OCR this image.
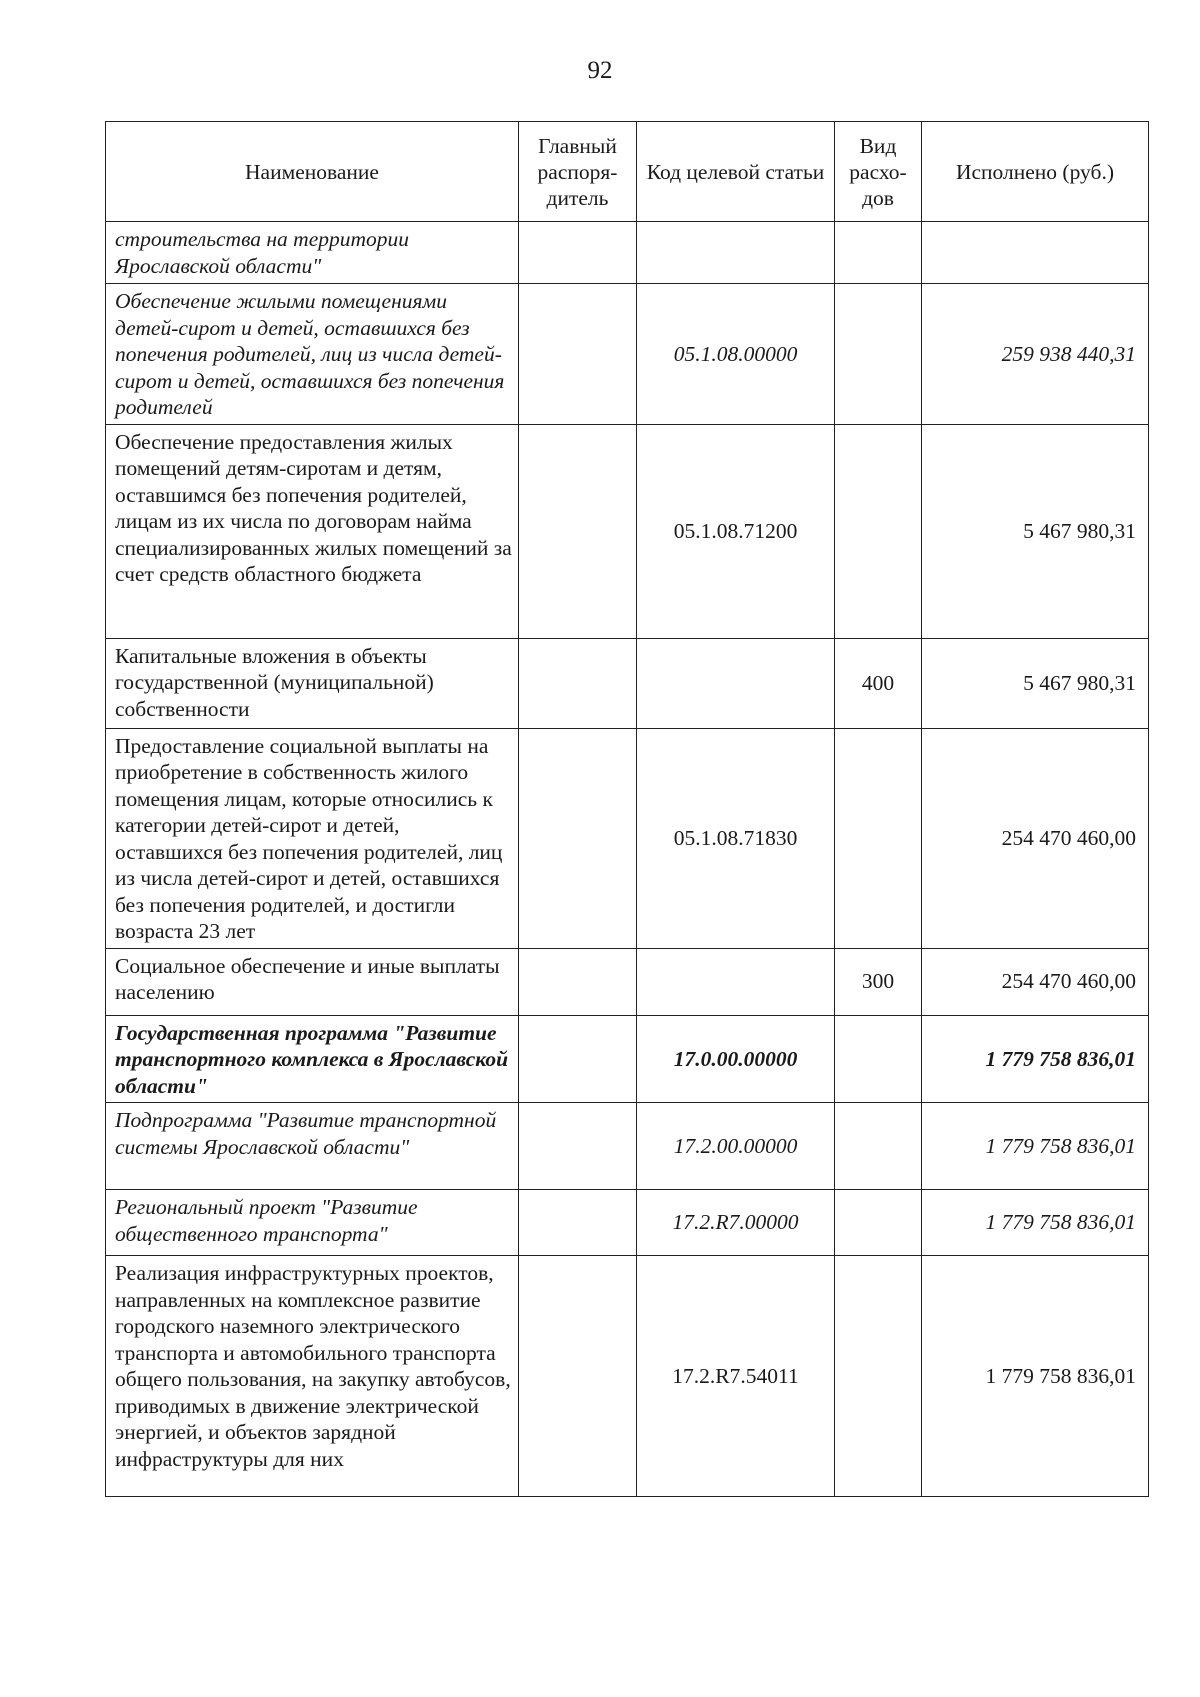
92
Наименование	Главный распоря-дитель	Код целевой статьи	Вид расхо-дов	Исполнено (руб.)
строительства на территории Ярославской области"				
Обеспечение жилыми помещениями детей-сирот и детей, оставшихся без попечения родителей, лиц из числа детей-сирот и детей, оставшихся без попечения родителей		05.1.08.00000		259 938 440,31
Обеспечение предоставления жилых помещений детям-сиротам и детям, оставшимся без попечения родителей, лицам из их числа по договорам найма специализированных жилых помещений за счет средств областного бюджета		05.1.08.71200		5 467 980,31
Капитальные вложения в объекты государственной (муниципальной) собственности			400	5 467 980,31
Предоставление социальной выплаты на приобретение в собственность жилого помещения лицам, которые относились к категории детей-сирот и детей, оставшихся без попечения родителей, лиц из числа детей-сирот и детей, оставшихся без попечения родителей, и достигли возраста 23 лет		05.1.08.71830		254 470 460,00
Социальное обеспечение и иные выплаты населению			300	254 470 460,00
Государственная программа "Развитие транспортного комплекса в Ярославской области"		17.0.00.00000		1 779 758 836,01
Подпрограмма "Развитие транспортной системы Ярославской области"		17.2.00.00000		1 779 758 836,01
Региональный проект "Развитие общественного транспорта"		17.2.R7.00000		1 779 758 836,01
Реализация инфраструктурных проектов, направленных на комплексное развитие городского наземного электрического транспорта и автомобильного транспорта общего пользования, на закупку автобусов, приводимых в движение электрической энергией, и объектов зарядной инфраструктуры для них		17.2.R7.54011		1 779 758 836,01
